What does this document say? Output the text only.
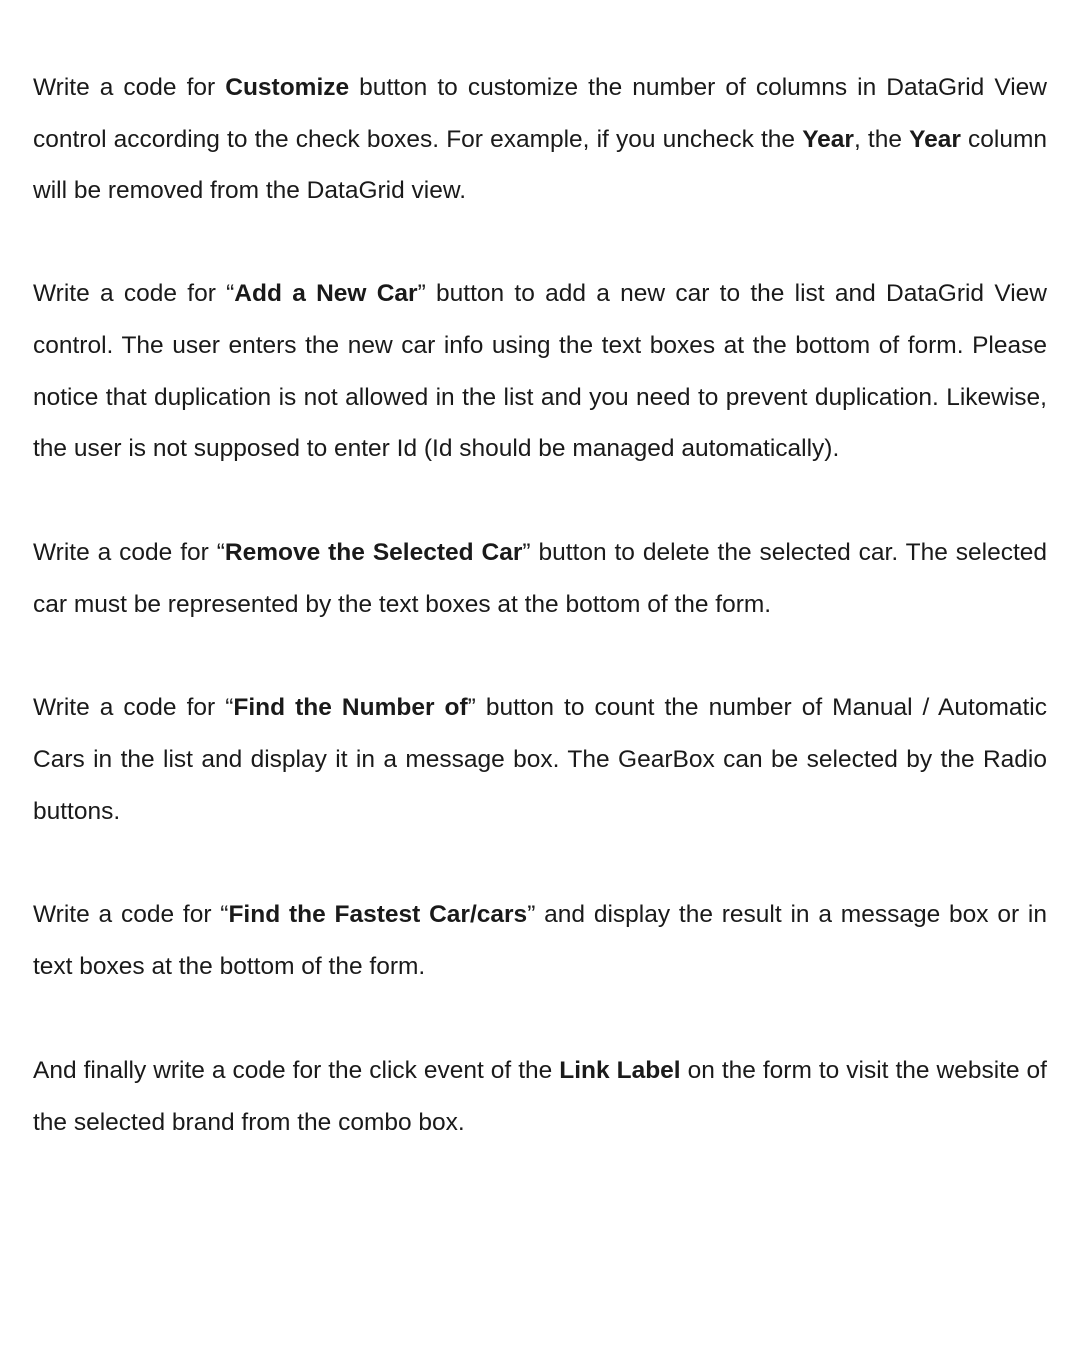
Write a code for Customize button to customize the number of columns in DataGrid View control according to the check boxes. For example, if you uncheck the Year, the Year column will be removed from the DataGrid view.

Write a code for “Add a New Car” button to add a new car to the list and DataGrid View control. The user enters the new car info using the text boxes at the bottom of form. Please notice that duplication is not allowed in the list and you need to prevent duplication. Likewise, the user is not supposed to enter Id (Id should be managed automatically).

Write a code for “Remove the Selected Car” button to delete the selected car. The selected car must be represented by the text boxes at the bottom of the form.

Write a code for “Find the Number of” button to count the number of Manual / Automatic Cars in the list and display it in a message box. The GearBox can be selected by the Radio buttons.

Write a code for “Find the Fastest Car/cars” and display the result in a message box or in text boxes at the bottom of the form.

And finally write a code for the click event of the Link Label on the form to visit the website of the selected brand from the combo box.
